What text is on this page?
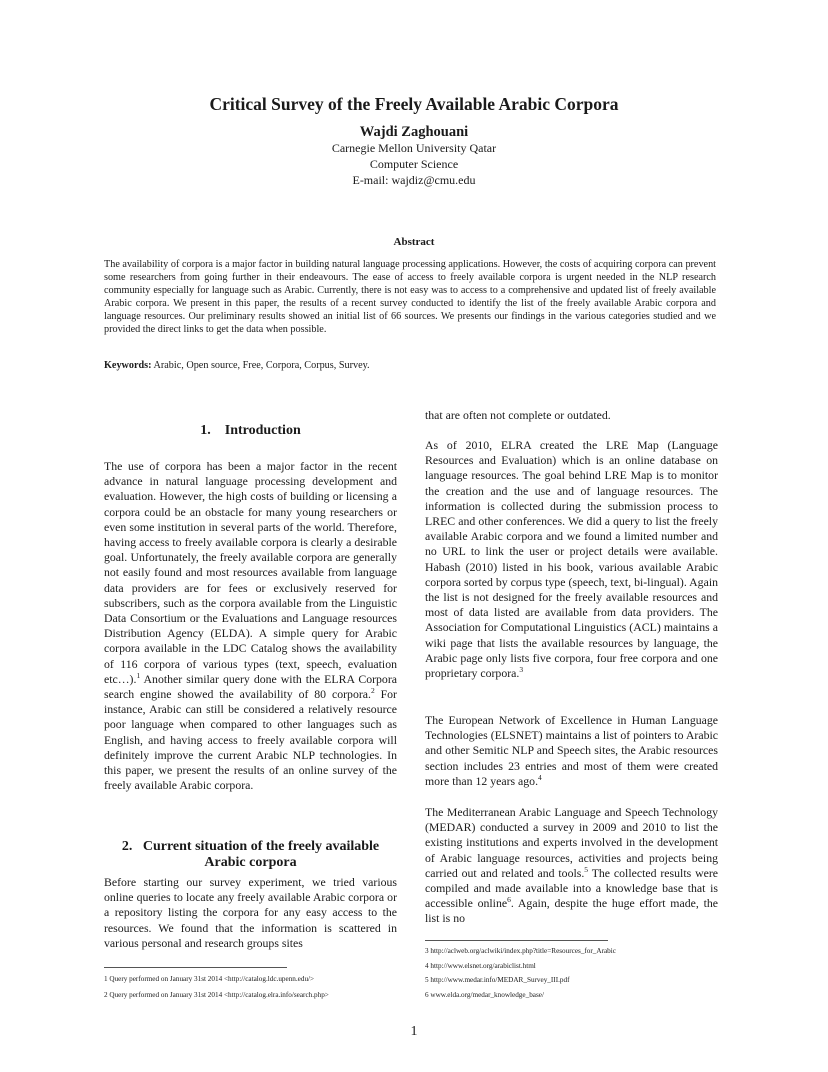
Critical Survey of the Freely Available Arabic Corpora
Wajdi Zaghouani
Carnegie Mellon University Qatar
Computer Science
E-mail: wajdiz@cmu.edu
Abstract
The availability of corpora is a major factor in building natural language processing applications. However, the costs of acquiring corpora can prevent some researchers from going further in their endeavours. The ease of access to freely available corpora is urgent needed in the NLP research community especially for language such as Arabic. Currently, there is not easy was to access to a comprehensive and updated list of freely available Arabic corpora. We present in this paper, the results of a recent survey conducted to identify the list of the freely available Arabic corpora and language resources. Our preliminary results showed an initial list of 66 sources. We presents our findings in the various categories studied and we provided the direct links to get the data when possible.
Keywords: Arabic, Open source, Free, Corpora, Corpus, Survey.
1.    Introduction
The use of corpora has been a major factor in the recent advance in natural language processing development and evaluation. However, the high costs of building or licensing a corpora could be an obstacle for many young researchers or even some institution in several parts of the world. Therefore, having access to freely available corpora is clearly a desirable goal. Unfortunately, the freely available corpora are generally not easily found and most resources available from language data providers are for fees or exclusively reserved for subscribers, such as the corpora available from the Linguistic Data Consortium or the Evaluations and Language resources Distribution Agency (ELDA). A simple query for Arabic corpora available in the LDC Catalog shows the availability of 116 corpora of various types (text, speech, evaluation etc…).$^1$ Another similar query done with the ELRA Corpora search engine showed the availability of 80 corpora.$^2$ For instance, Arabic can still be considered a relatively resource poor language when compared to other languages such as English, and having access to freely available corpora will definitely improve the current Arabic NLP technologies. In this paper, we present the results of an online survey of the freely available Arabic corpora.
2.   Current situation of the freely available
Arabic corpora
Before starting our survey experiment, we tried various online queries to locate any freely available Arabic corpora or a repository listing the corpora for any easy access to the resources. We found that the information is scattered in various personal and research groups sites
1 Query performed on January 31st 2014 <http://catalog.ldc.upenn.edu/>
2 Query performed on January 31st 2014 <http://catalog.elra.info/search.php>
that are often not complete or outdated.
As of 2010, ELRA created the LRE Map (Language Resources and Evaluation) which is an online database on language resources. The goal behind LRE Map is to monitor the creation and the use and of language resources. The information is collected during the submission process to LREC and other conferences. We did a query to list the freely available Arabic corpora and we found a limited number and no URL to link the user or project details were available. Habash (2010) listed in his book, various available Arabic corpora sorted by corpus type (speech, text, bi-lingual). Again the list is not designed for the freely available resources and most of data listed are available from data providers. The Association for Computational Linguistics (ACL) maintains a wiki page that lists the available resources by language, the Arabic page only lists five corpora, four free corpora and one proprietary corpora.$^3$
The European Network of Excellence in Human Language Technologies (ELSNET) maintains a list of pointers to Arabic and other Semitic NLP and Speech sites, the Arabic resources section includes 23 entries and most of them were created more than 12 years ago.$^4$
The Mediterranean Arabic Language and Speech Technology (MEDAR) conducted a survey in 2009 and 2010 to list the existing institutions and experts involved in the development of Arabic language resources, activities and projects being carried out and related and tools.$^5$ The collected results were compiled and made available into a knowledge base that is accessible online$^6$. Again, despite the huge effort made, the list is no
3 http://aclweb.org/aclwiki/index.php?title=Resources_for_Arabic
4 http://www.elsnet.org/arabiclist.html
5 http://www.medar.info/MEDAR_Survey_III.pdf
6 www.elda.org/medar_knowledge_base/
1
